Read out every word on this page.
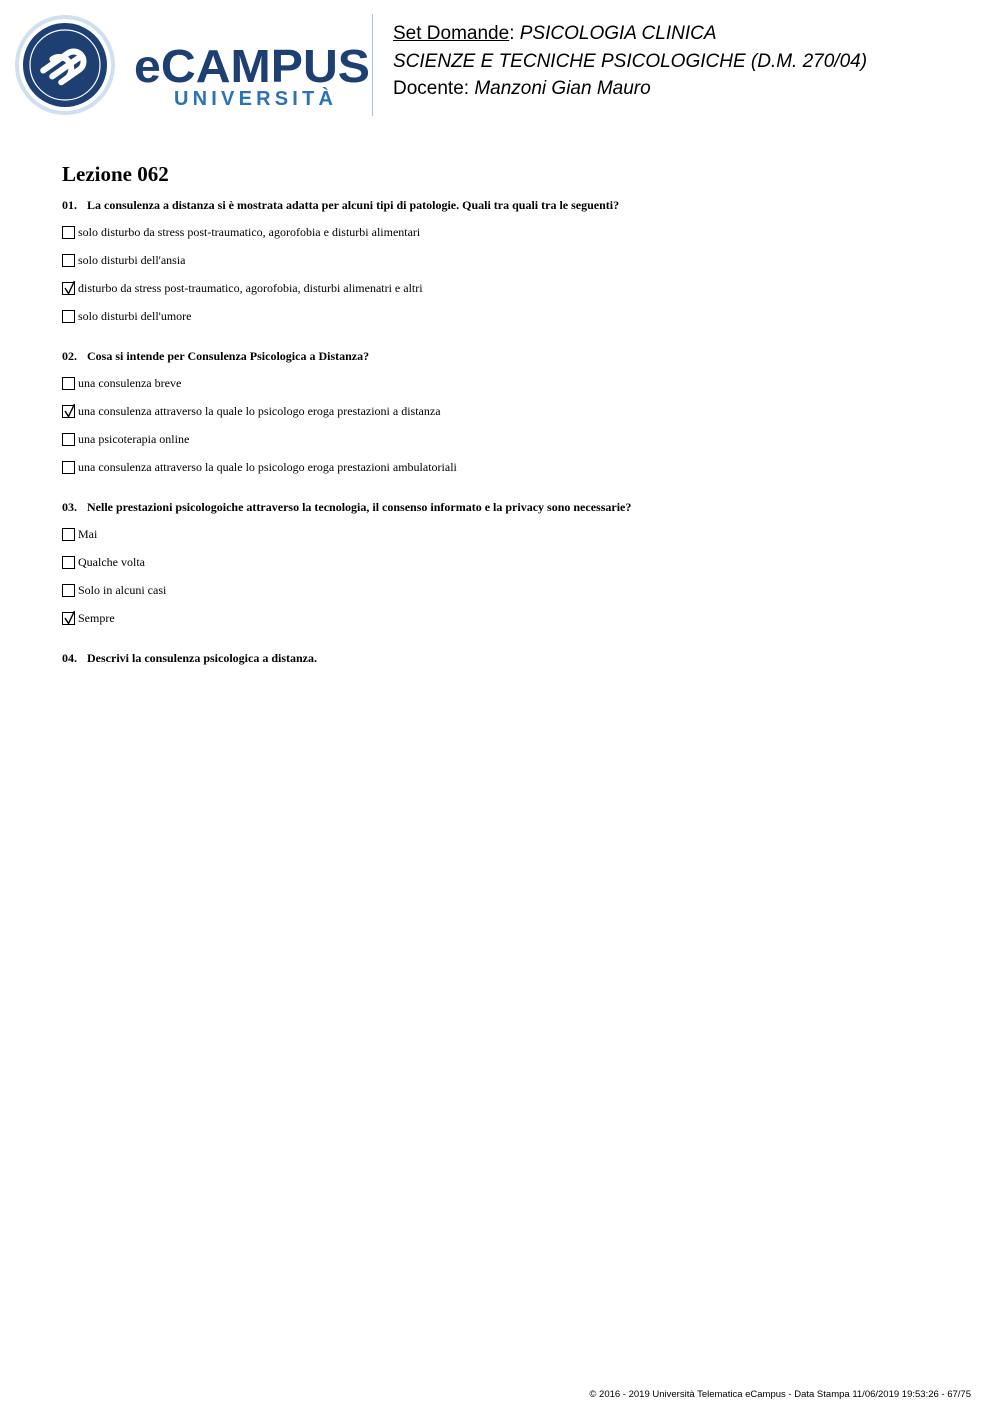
eCAMPUS
UNIVERSITÀ
Set Domande: PSICOLOGIA CLINICA
SCIENZE E TECNICHE PSICOLOGICHE (D.M. 270/04)
Docente: Manzoni Gian Mauro
Lezione 062
01. La consulenza a distanza si è mostrata adatta per alcuni tipi di patologie. Quali tra quali tra le seguenti?
solo disturbo da stress post-traumatico, agorofobia e disturbi alimentari
solo disturbi dell'ansia
disturbo da stress post-traumatico, agorofobia, disturbi alimenatri e altri
solo disturbi dell'umore
02. Cosa si intende per Consulenza Psicologica a Distanza?
una consulenza breve
una consulenza attraverso la quale lo psicologo eroga prestazioni a distanza
una psicoterapia online
una consulenza attraverso la quale lo psicologo eroga prestazioni ambulatoriali
03. Nelle prestazioni psicologoiche attraverso la tecnologia, il consenso informato e la privacy sono necessarie?
Mai
Qualche volta
Solo in alcuni casi
Sempre
04. Descrivi la consulenza psicologica a distanza.
© 2016 - 2019 Università Telematica eCampus - Data Stampa 11/06/2019 19:53:26 - 67/75
